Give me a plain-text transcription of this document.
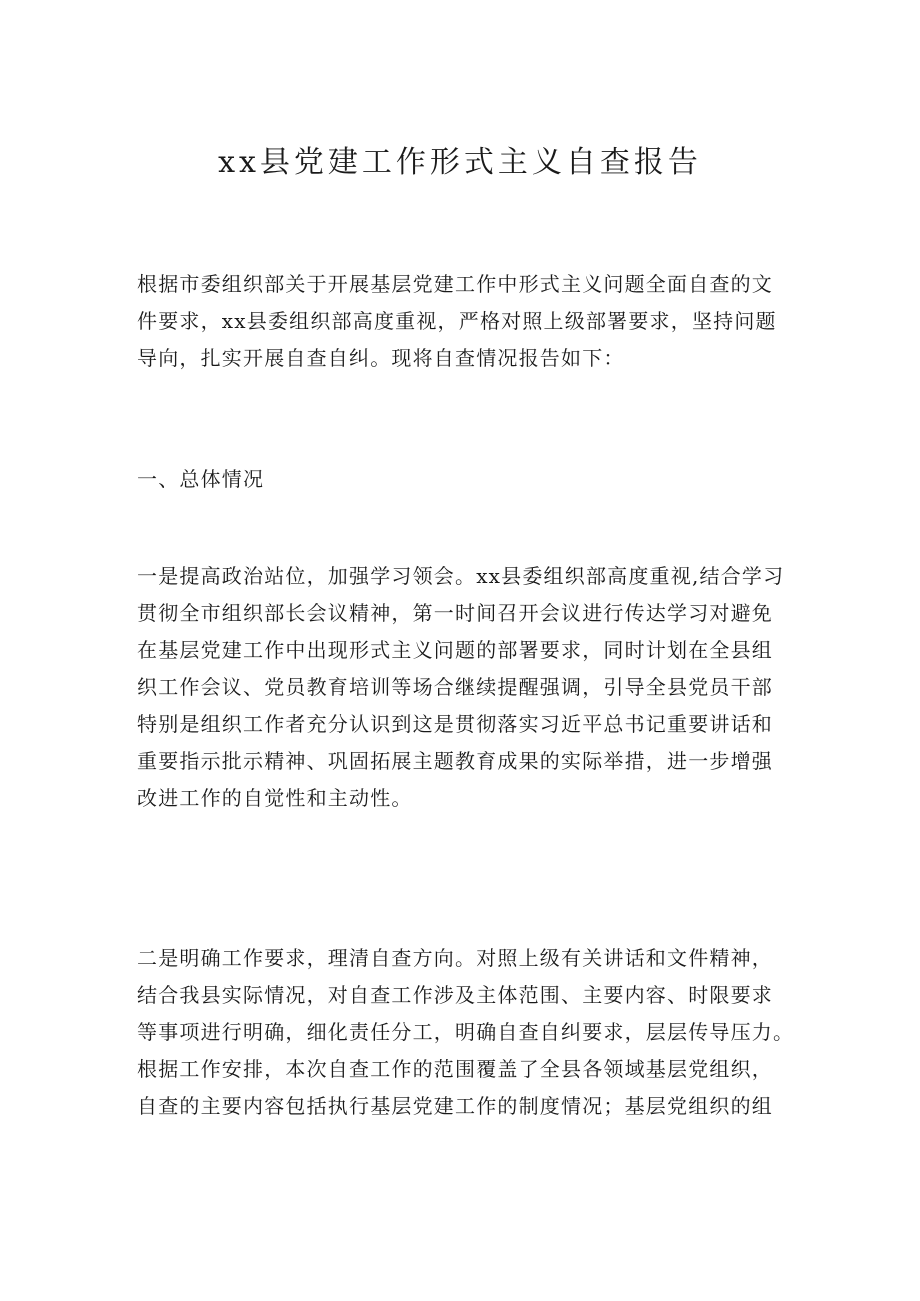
xx县党建工作形式主义自查报告
根据市委组织部关于开展基层党建工作中形式主义问题全面自查的文
件要求，xx县委组织部高度重视，严格对照上级部署要求，坚持问题
导向，扎实开展自查自纠。现将自查情况报告如下：
一、总体情况
一是提高政治站位，加强学习领会。xx县委组织部高度重视,结合学习
贯彻全市组织部长会议精神，第一时间召开会议进行传达学习对避免
在基层党建工作中出现形式主义问题的部署要求，同时计划在全县组
织工作会议、党员教育培训等场合继续提醒强调，引导全县党员干部
特别是组织工作者充分认识到这是贯彻落实习近平总书记重要讲话和
重要指示批示精神、巩固拓展主题教育成果的实际举措，进一步增强
改进工作的自觉性和主动性。
二是明确工作要求，理清自查方向。对照上级有关讲话和文件精神，
结合我县实际情况，对自查工作涉及主体范围、主要内容、时限要求
等事项进行明确，细化责任分工，明确自查自纠要求，层层传导压力。
根据工作安排，本次自查工作的范围覆盖了全县各领域基层党组织，
自查的主要内容包括执行基层党建工作的制度情况；基层党组织的组
